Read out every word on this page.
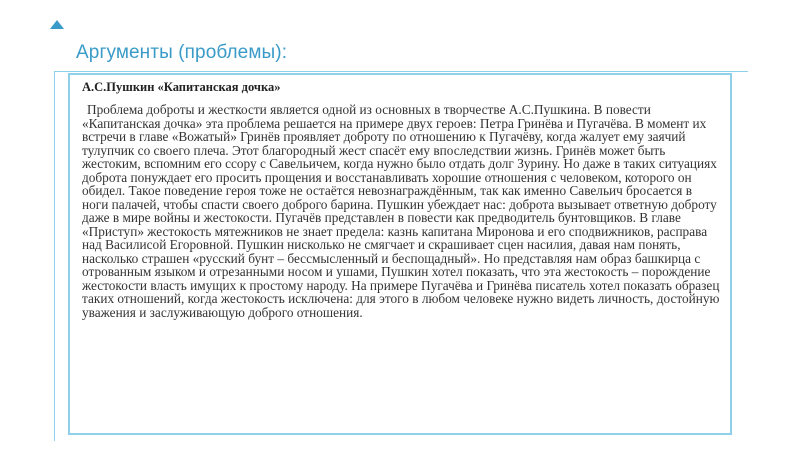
Аргументы (проблемы):
А.С.Пушкин «Капитанская дочка»

Проблема доброты и жесткости является одной из основных в творчестве А.С.Пушкина. В повести «Капитанская дочка» эта проблема решается на примере двух героев: Петра Гринёва и Пугачёва. В момент их встречи в главе «Вожатый» Гринёв проявляет доброту по отношению к Пугачёву, когда жалует ему заячий тулупчик со своего плеча. Этот благородный жест спасёт ему впоследствии жизнь. Гринёв может быть жестоким, вспомним его ссору с Савельичем, когда нужно было отдать долг Зурину. Но даже в таких ситуациях доброта понуждает его просить прощения и восстанавливать хорошие отношения с человеком, которого он обидел. Такое поведение героя тоже не остаётся невознаграждённым, так как именно Савельич бросается в ноги палачей, чтобы спасти своего доброго барина. Пушкин убеждает нас: доброта вызывает ответную доброту даже в мире войны и жестокости. Пугачёв представлен в повести как предводитель бунтовщиков. В главе «Приступ» жестокость мятежников не знает предела: казнь капитана Миронова и его сподвижников, расправа над Василисой Егоровной. Пушкин нисколько не смягчает и скрашивает сцен насилия, давая нам понять, насколько страшен «русский бунт – бессмысленный и беспощадный». Но представляя нам образ башкирца с отрованным языком и отрезанными носом и ушами, Пушкин хотел показать, что эта жестокость – порождение жестокости власть имущих к простому народу. На примере Пугачёва и Гринёва писатель хотел показать образец таких отношений, когда жестокость исключена: для этого в любом человеке нужно видеть личность, достойную уважения и заслуживающую доброго отношения.
